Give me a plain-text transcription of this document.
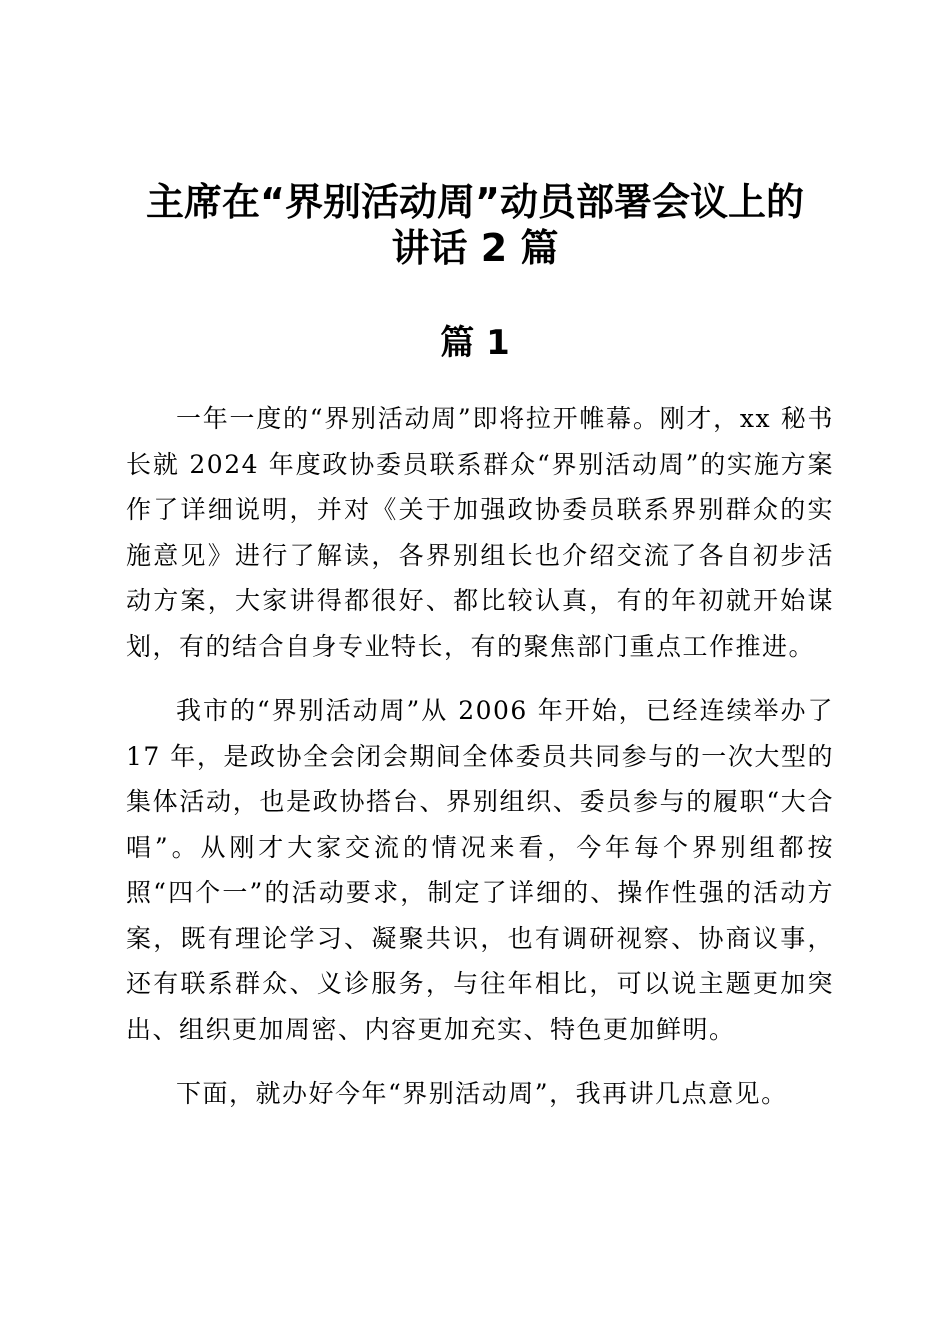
主席在“界别活动周”动员部署会议上的
讲话 2 篇
篇 1

一年一度的“界别活动周”即将拉开帷幕。刚才，xx 秘书长就 2024 年度政协委员联系群众“界别活动周”的实施方案作了详细说明，并对《关于加强政协委员联系界别群众的实施意见》进行了解读，各界别组长也介绍交流了各自初步活动方案，大家讲得都很好、都比较认真，有的年初就开始谋划，有的结合自身专业特长，有的聚焦部门重点工作推进。

我市的“界别活动周”从 2006 年开始，已经连续举办了 17 年，是政协全会闭会期间全体委员共同参与的一次大型的集体活动，也是政协搭台、界别组织、委员参与的履职“大合唱”。从刚才大家交流的情况来看，今年每个界别组都按照“四个一”的活动要求，制定了详细的、操作性强的活动方案，既有理论学习、凝聚共识，也有调研视察、协商议事，还有联系群众、义诊服务，与往年相比，可以说主题更加突出、组织更加周密、内容更加充实、特色更加鲜明。

下面，就办好今年“界别活动周”，我再讲几点意见。
